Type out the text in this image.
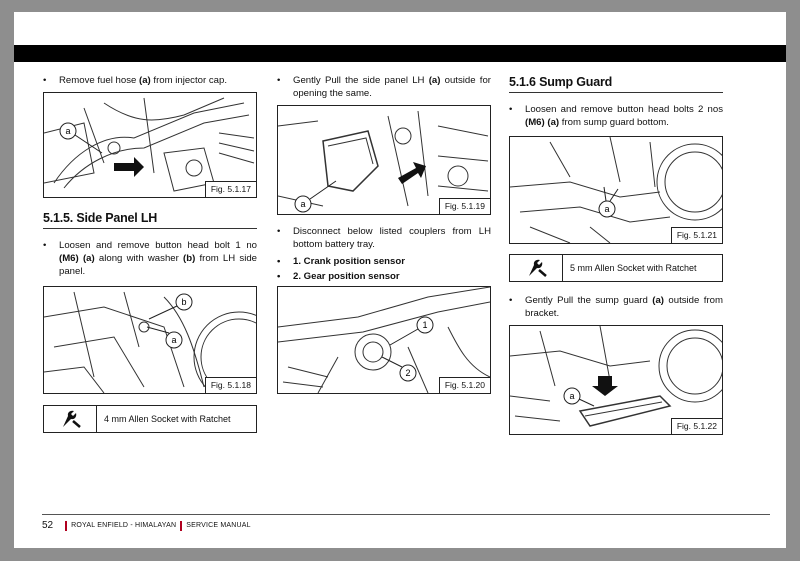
• Remove fuel hose (a) from injector cap.

a
Fig. 5.1.17
5.1.5. Side Panel LH

• Loosen and remove button head bolt 1 no (M6) (a) along with washer (b) from LH side panel.

b
a
Fig. 5.1.18
4 mm Allen Socket with Ratchet

• Gently Pull the side panel LH (a) outside for opening the same.

a	Fig. 5.1.19

• Disconnect below listed couplers from LH bottom battery tray.

• 1. Crank position sensor

• 2. Gear position sensor

1
2
Fig. 5.1.20
5.1.6 Sump Guard

• Loosen and remove button head bolts 2 nos (M6) (a) from sump guard bottom.

a
Fig. 5.1.21
5 mm Allen Socket with Ratchet

• Gently Pull the sump guard (a) outside from bracket.

a
Fig. 5.1.22
52	ROYAL ENFIELD - HIMALAYAN SERVICE MANUAL
